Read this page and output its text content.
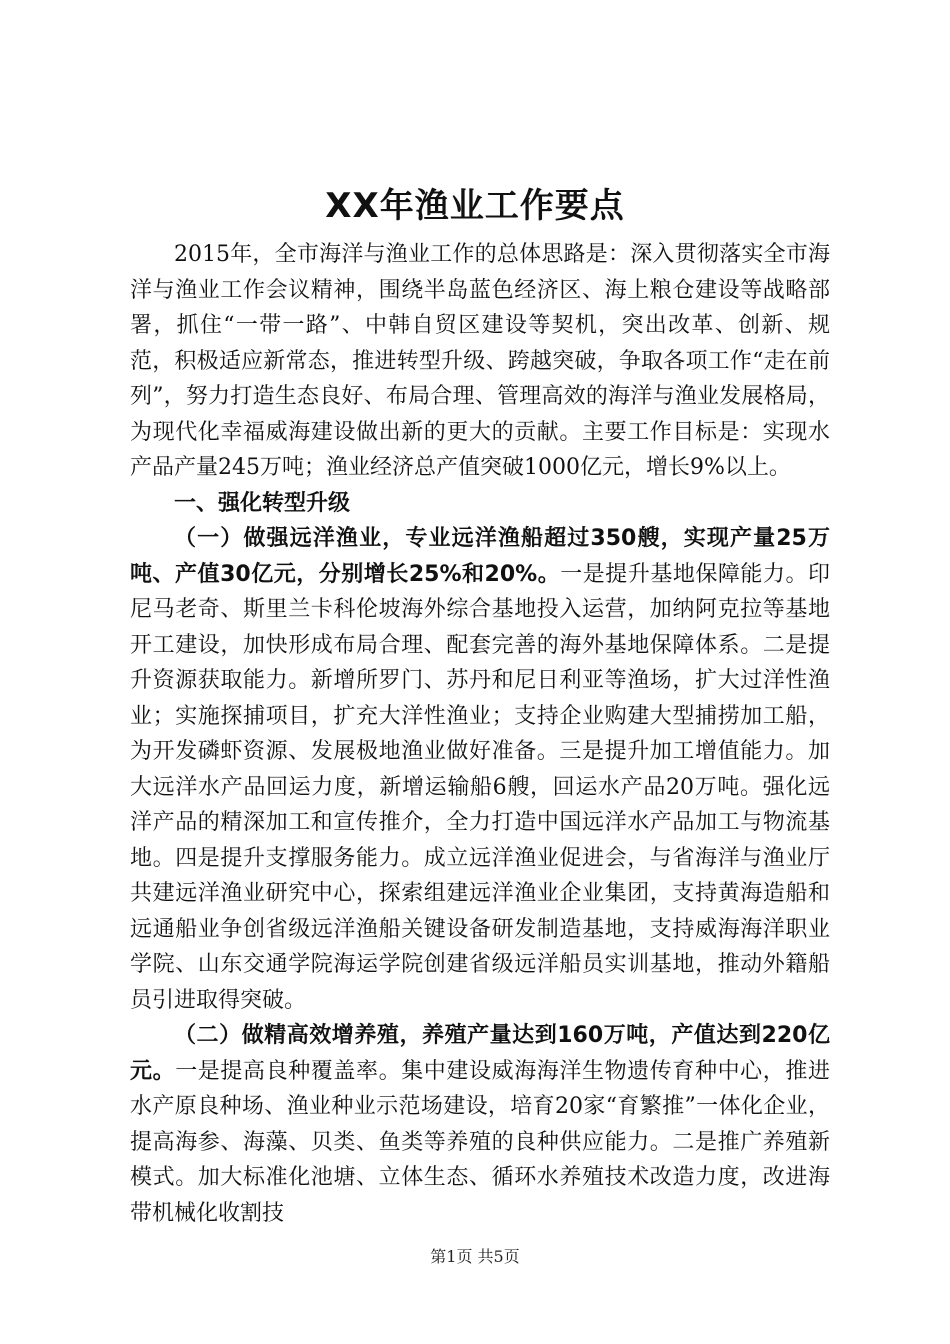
XX年渔业工作要点

2015年，全市海洋与渔业工作的总体思路是：深入贯彻落实全市海洋与渔业工作会议精神，围绕半岛蓝色经济区、海上粮仓建设等战略部署，抓住“一带一路”、中韩自贸区建设等契机，突出改革、创新、规范，积极适应新常态，推进转型升级、跨越突破，争取各项工作“走在前列”，努力打造生态良好、布局合理、管理高效的海洋与渔业发展格局，为现代化幸福威海建设做出新的更大的贡献。主要工作目标是：实现水产品产量245万吨；渔业经济总产值突破1000亿元，增长9%以上。

一、强化转型升级

（一）做强远洋渔业，专业远洋渔船超过350艘，实现产量25万吨、产值30亿元，分别增长25%和20%。一是提升基地保障能力。印尼马老奇、斯里兰卡科伦坡海外综合基地投入运营，加纳阿克拉等基地开工建设，加快形成布局合理、配套完善的海外基地保障体系。二是提升资源获取能力。新增所罗门、苏丹和尼日利亚等渔场，扩大过洋性渔业；实施探捕项目，扩充大洋性渔业；支持企业购建大型捕捞加工船，为开发磷虾资源、发展极地渔业做好准备。三是提升加工增值能力。加大远洋水产品回运力度，新增运输船6艘，回运水产品20万吨。强化远洋产品的精深加工和宣传推介，全力打造中国远洋水产品加工与物流基地。四是提升支撑服务能力。成立远洋渔业促进会，与省海洋与渔业厅共建远洋渔业研究中心，探索组建远洋渔业企业集团，支持黄海造船和远通船业争创省级远洋渔船关键设备研发制造基地，支持威海海洋职业学院、山东交通学院海运学院创建省级远洋船员实训基地，推动外籍船员引进取得突破。

（二）做精高效增养殖，养殖产量达到160万吨，产值达到220亿元。一是提高良种覆盖率。集中建设威海海洋生物遗传育种中心，推进水产原良种场、渔业种业示范场建设，培育20家“育繁推”一体化企业，提高海参、海藻、贝类、鱼类等养殖的良种供应能力。二是推广养殖新模式。加大标准化池塘、立体生态、循环水养殖技术改造力度，改进海带机械化收割技

第1页 共5页
